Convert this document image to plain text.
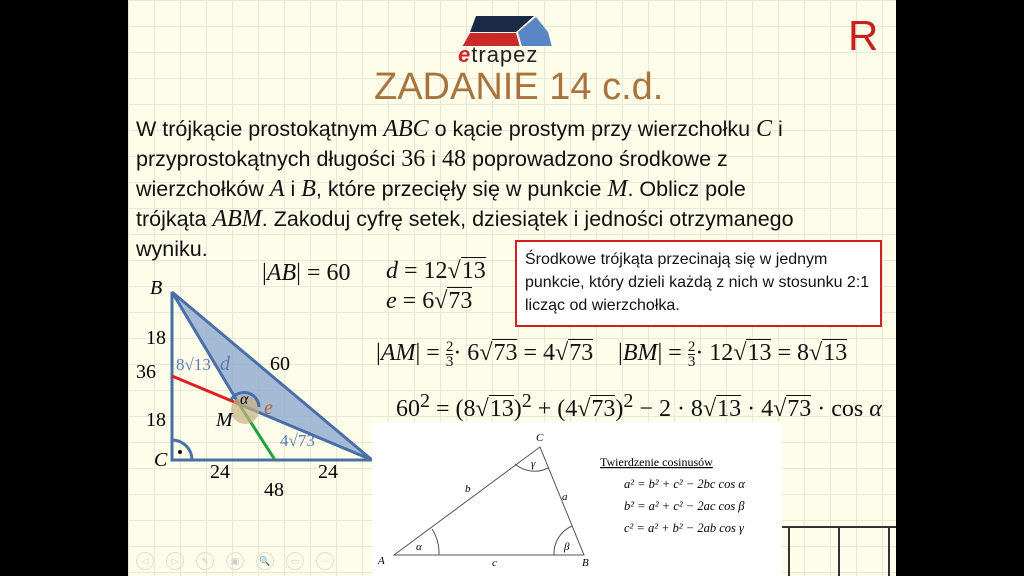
etrapez	R
ZADANIE 14 c.d.
W trójkącie prostokątnym ABC o kącie prostym przy wierzchołku C i
przyprostokątnych długości 36 i 48 poprowadzono środkowe z
wierzchołków A i B, które przecięły się w punkcie M. Oblicz pole
trójkąta ABM. Zakoduj cyfrę setek, dziesiątek i jedności otrzymanego
wyniku.	Środkowe trójkąta przecinają się w jednym punkcie, który dzieli każdą z nich w stosunku 2:1 licząc od wierzchołka.
|AB| = 60 d = 12√13
e = 6√73
$|AM| = \frac{2}{3} \cdot 6√73 = 4√73$ $|BM| = \frac{2}{3} \cdot 12√13 = 8√13$
$60^2 = (8√13)^2 + (4√73)^2 - 2 \cdot 8√13 \cdot 4√73 \cdot \cos \alpha$
B
C
M
18
36
18
60
24	24
48
8√13 d
e
4√73
α
A	B
C
b
a
c
α	β
γ	Twierdzenie cosinusów
a² = b² + c² − 2bc cos α
b² = a² + c² − 2ac cos β
c² = a² + b² − 2ab cos γ
◁	▷	✎	▣	🔍	▭	⋯
